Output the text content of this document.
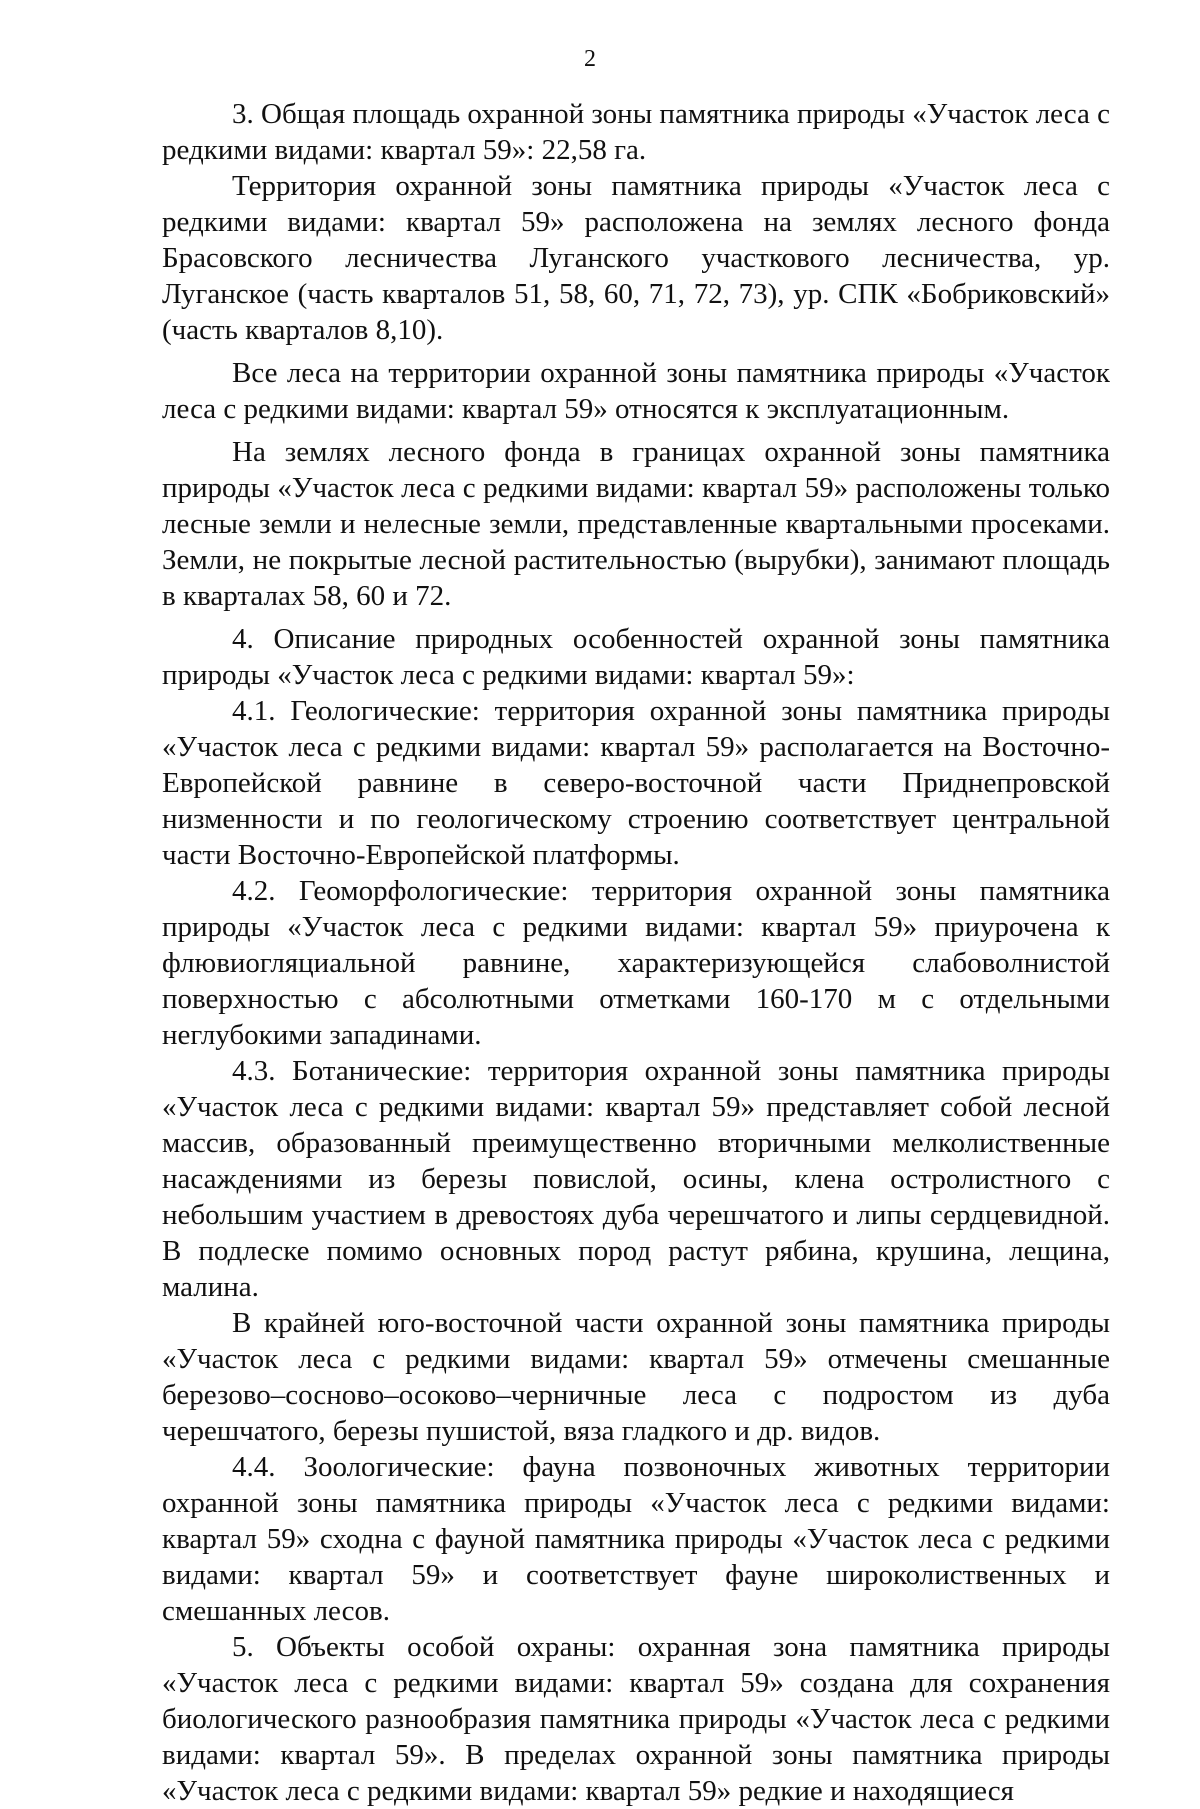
2

3. Общая площадь охранной зоны памятника природы «Участок леса с редкими видами: квартал 59»: 22,58 га.

Территория охранной зоны памятника природы «Участок леса с редкими видами: квартал 59» расположена на землях лесного фонда Брасовского лесничества Луганского участкового лесничества, ур. Луганское (часть кварталов 51, 58, 60, 71, 72, 73), ур. СПК «Бобриковский» (часть кварталов 8,10).

Все леса на территории охранной зоны памятника природы «Участок леса с редкими видами: квартал 59» относятся к эксплуатационным.

На землях лесного фонда в границах охранной зоны памятника природы «Участок леса с редкими видами: квартал 59» расположены только лесные земли и нелесные земли, представленные квартальными просеками. Земли, не покрытые лесной растительностью (вырубки), занимают площадь в кварталах 58, 60 и 72.

4. Описание природных особенностей охранной зоны памятника природы «Участок леса с редкими видами: квартал 59»:

4.1. Геологические: территория охранной зоны памятника природы «Участок леса с редкими видами: квартал 59» располагается на Восточно-Европейской равнине в северо-восточной части Приднепровской низменности и по геологическому строению соответствует центральной части Восточно-Европейской платформы.

4.2. Геоморфологические: территория охранной зоны памятника природы «Участок леса с редкими видами: квартал 59» приурочена к флювиогляциальной равнине, характеризующейся слабоволнистой поверхностью с абсолютными отметками 160-170 м с отдельными неглубокими западинами.

4.3. Ботанические: территория охранной зоны памятника природы «Участок леса с редкими видами: квартал 59» представляет собой лесной массив, образованный преимущественно вторичными мелколиственные насаждениями из березы повислой, осины, клена остролистного с небольшим участием в древостоях дуба черешчатого и липы сердцевидной. В подлеске помимо основных пород растут рябина, крушина, лещина, малина.

В крайней юго-восточной части охранной зоны памятника природы «Участок леса с редкими видами: квартал 59» отмечены смешанные березово–сосново–осоково–черничные леса с подростом из дуба черешчатого, березы пушистой, вяза гладкого и др. видов.

4.4. Зоологические: фауна позвоночных животных территории охранной зоны памятника природы «Участок леса с редкими видами: квартал 59» сходна с фауной памятника природы «Участок леса с редкими видами: квартал 59» и соответствует фауне широколиственных и смешанных лесов.

5. Объекты особой охраны: охранная зона памятника природы «Участок леса с редкими видами: квартал 59» создана для сохранения биологического разнообразия памятника природы «Участок леса с редкими видами: квартал 59». В пределах охранной зоны памятника природы «Участок леса с редкими видами: квартал 59» редкие и находящиеся
